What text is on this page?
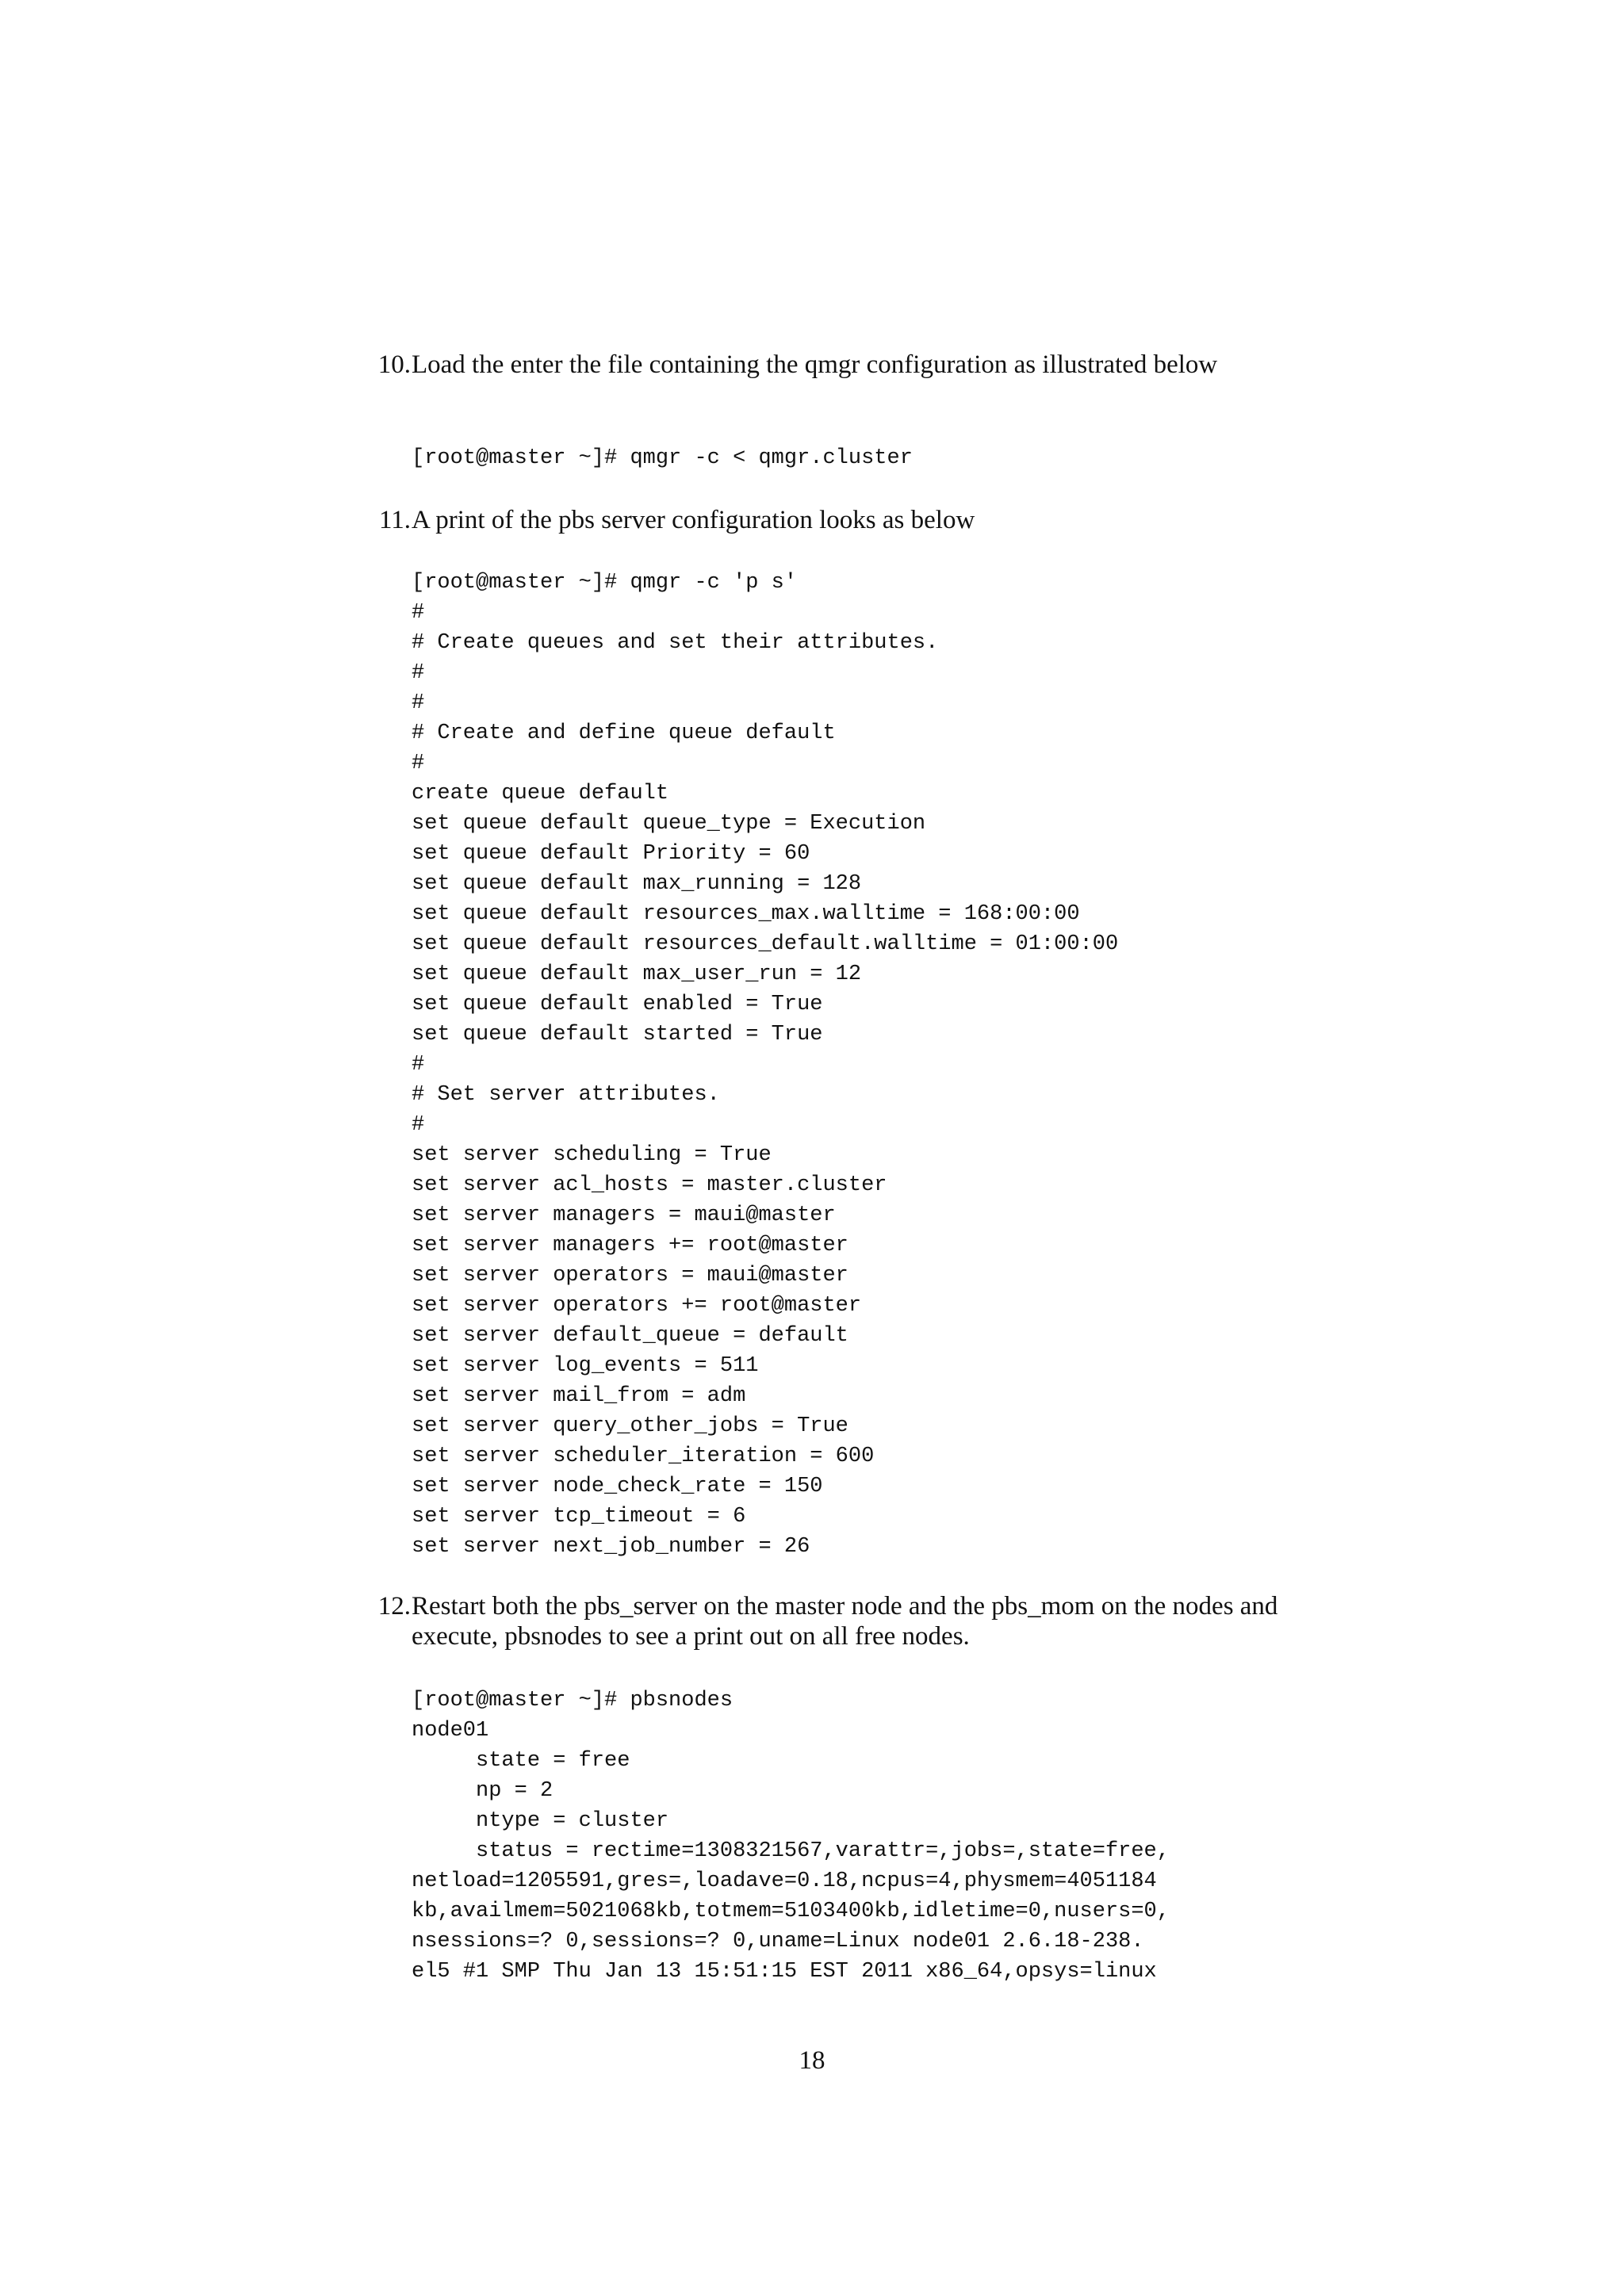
10. Load the enter the file containing the qmgr configuration as illustrated below
[root@master ~]# qmgr -c < qmgr.cluster
11. A print of the pbs server configuration looks as below
[root@master ~]# qmgr -c 'p s'
#
# Create queues and set their attributes.
#
#
# Create and define queue default
#
create queue default
set queue default queue_type = Execution
set queue default Priority = 60
set queue default max_running = 128
set queue default resources_max.walltime = 168:00:00
set queue default resources_default.walltime = 01:00:00
set queue default max_user_run = 12
set queue default enabled = True
set queue default started = True
#
# Set server attributes.
#
set server scheduling = True
set server acl_hosts = master.cluster
set server managers = maui@master
set server managers += root@master
set server operators = maui@master
set server operators += root@master
set server default_queue = default
set server log_events = 511
set server mail_from = adm
set server query_other_jobs = True
set server scheduler_iteration = 600
set server node_check_rate = 150
set server tcp_timeout = 6
set server next_job_number = 26
12. Restart both the pbs_server on the master node and the pbs_mom on the nodes and execute, pbsnodes to see a print out on all free nodes.
[root@master ~]# pbsnodes
node01
state = free
np = 2
ntype = cluster
status = rectime=1308321567,varattr=,jobs=,state=free,
netload=1205591,gres=,loadave=0.18,ncpus=4,physmem=4051184
kb,availmem=5021068kb,totmem=5103400kb,idletime=0,nusers=0,
nsessions=? 0,sessions=? 0,uname=Linux node01 2.6.18-238.
el5 #1 SMP Thu Jan 13 15:51:15 EST 2011 x86_64,opsys=linux
18
